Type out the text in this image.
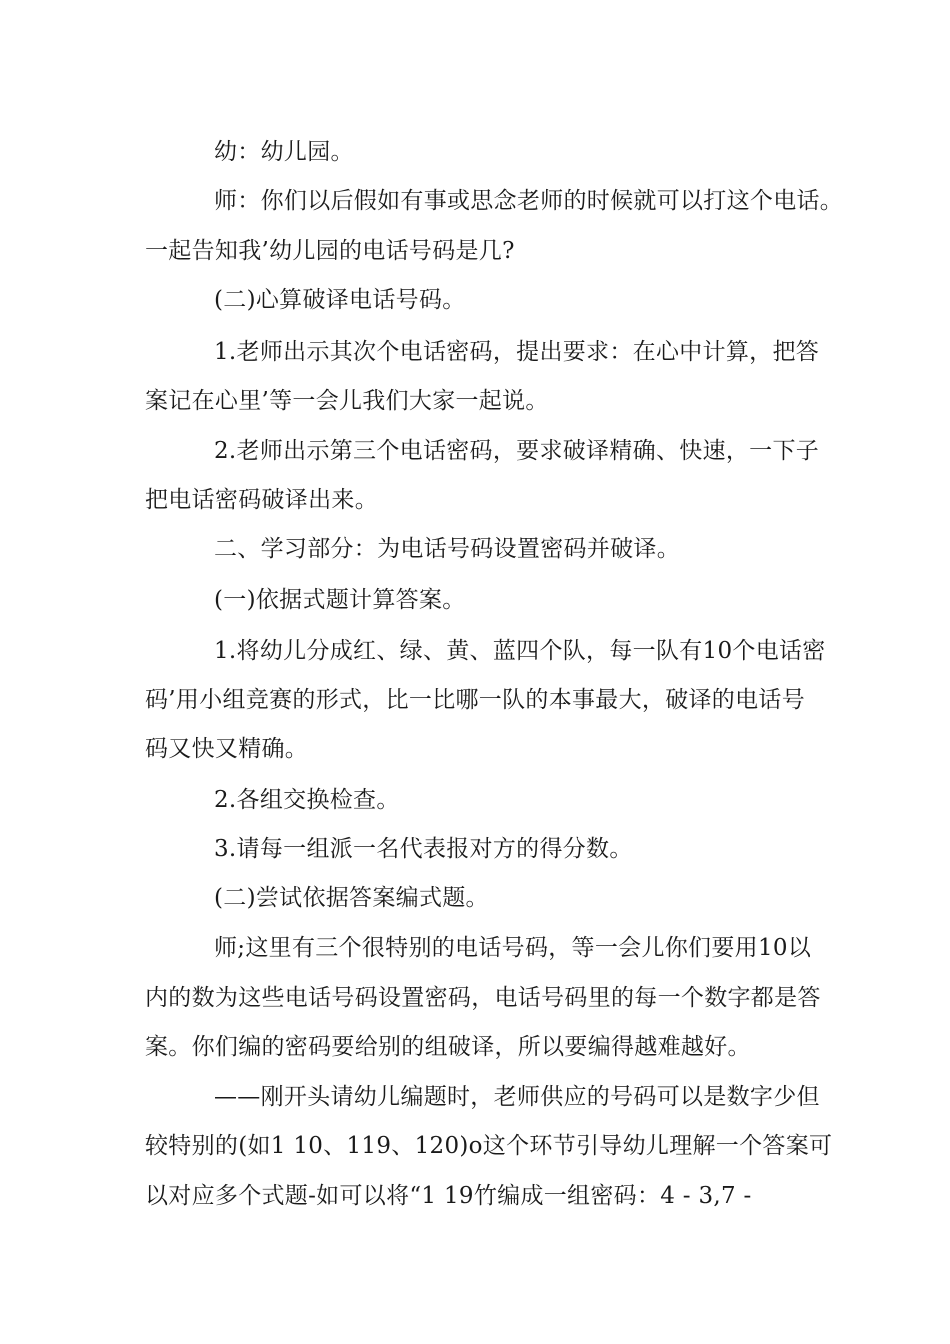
幼：幼儿园。
师：你们以后假如有事或思念老师的时候就可以打这个电话。
一起告知我’幼儿园的电话号码是几?
(二)心算破译电话号码。
1.老师出示其次个电话密码，提出要求：在心中计算，把答
案记在心里’等一会儿我们大家一起说。
2.老师出示第三个电话密码，要求破译精确、快速，一下子
把电话密码破译出来。
二、学习部分：为电话号码设置密码并破译。
(一)依据式题计算答案。
1.将幼儿分成红、绿、黄、蓝四个队，每一队有10个电话密
码’用小组竞赛的形式，比一比哪一队的本事最大，破译的电话号
码又快又精确。
2.各组交换检查。
3.请每一组派一名代表报对方的得分数。
(二)尝试依据答案编式题。
师;这里有三个很特别的电话号码，等一会儿你们要用10以
内的数为这些电话号码设置密码，电话号码里的每一个数字都是答
案。你们编的密码要给别的组破译，所以要编得越难越好。
——刚开头请幼儿编题时，老师供应的号码可以是数字少但
较特别的(如1 10、119、120)o这个环节引导幼儿理解一个答案可
以对应多个式题-如可以将“1 19竹编成一组密码：4 - 3,7 -
